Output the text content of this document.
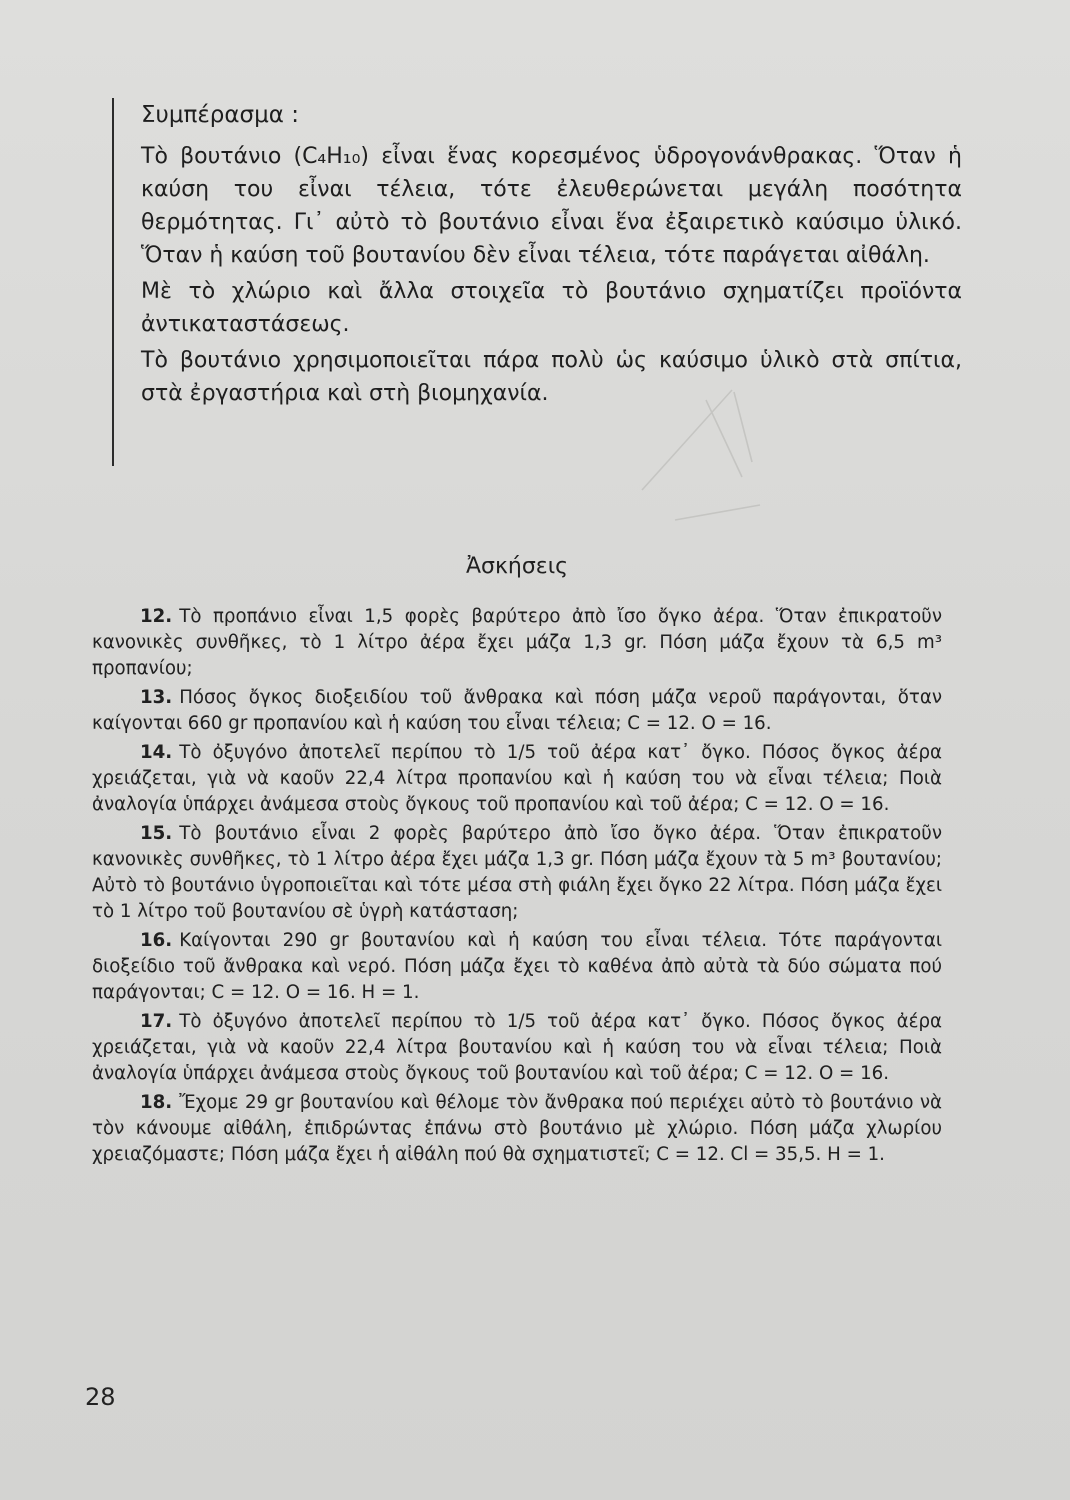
Συμπέρασμα :

Τὸ βουτάνιο (C₄H₁₀) εἶναι ἕνας κορεσμένος ὑδρογονάνθρακας. Ὅταν ἡ καύση του εἶναι τέλεια, τότε ἐλευθερώνεται μεγάλη ποσότητα θερμότητας. Γι᾽ αὐτὸ τὸ βουτάνιο εἶναι ἕνα ἐξαιρετικὸ καύσιμο ὑλικό. Ὅταν ἡ καύση τοῦ βουτανίου δὲν εἶναι τέλεια, τότε παράγεται αἰθάλη.

Μὲ τὸ χλώριο καὶ ἄλλα στοιχεῖα τὸ βουτάνιο σχηματίζει προϊόντα ἀντικαταστάσεως.

Τὸ βουτάνιο χρησιμοποιεῖται πάρα πολὺ ὡς καύσιμο ὑλικὸ στὰ σπίτια, στὰ ἐργαστήρια καὶ στὴ βιομηχανία.

Ἀσκήσεις

12. Τὸ προπάνιο εἶναι 1,5 φορὲς βαρύτερο ἀπὸ ἴσο ὄγκο ἀέρα. Ὅταν ἐπικρατοῦν κανονικὲς συνθῆκες, τὸ 1 λίτρο ἀέρα ἔχει μάζα 1,3 gr. Πόση μάζα ἔχουν τὰ 6,5 m³ προπανίου;

13. Πόσος ὄγκος διοξειδίου τοῦ ἄνθρακα καὶ πόση μάζα νεροῦ παράγονται, ὅταν καίγονται 660 gr προπανίου καὶ ἡ καύση του εἶναι τέλεια; C = 12. O = 16.

14. Τὸ ὀξυγόνο ἀποτελεῖ περίπου τὸ 1/5 τοῦ ἀέρα κατ᾽ ὄγκο. Πόσος ὄγκος ἀέρα χρειάζεται, γιὰ νὰ καοῦν 22,4 λίτρα προπανίου καὶ ἡ καύση του νὰ εἶναι τέλεια; Ποιὰ ἀναλογία ὑπάρχει ἀνάμεσα στοὺς ὄγκους τοῦ προπανίου καὶ τοῦ ἀέρα; C = 12. O = 16.

15. Τὸ βουτάνιο εἶναι 2 φορὲς βαρύτερο ἀπὸ ἴσο ὄγκο ἀέρα. Ὅταν ἐπικρατοῦν κανονικὲς συνθῆκες, τὸ 1 λίτρο ἀέρα ἔχει μάζα 1,3 gr. Πόση μάζα ἔχουν τὰ 5 m³ βουτανίου; Αὐτὸ τὸ βουτάνιο ὑγροποιεῖται καὶ τότε μέσα στὴ φιάλη ἔχει ὄγκο 22 λίτρα. Πόση μάζα ἔχει τὸ 1 λίτρο τοῦ βουτανίου σὲ ὑγρὴ κατάσταση;

16. Καίγονται 290 gr βουτανίου καὶ ἡ καύση του εἶναι τέλεια. Τότε παράγονται διοξείδιο τοῦ ἄνθρακα καὶ νερό. Πόση μάζα ἔχει τὸ καθένα ἀπὸ αὐτὰ τὰ δύο σώματα πού παράγονται; C = 12. O = 16. H = 1.

17. Τὸ ὀξυγόνο ἀποτελεῖ περίπου τὸ 1/5 τοῦ ἀέρα κατ᾽ ὄγκο. Πόσος ὄγκος ἀέρα χρειάζεται, γιὰ νὰ καοῦν 22,4 λίτρα βουτανίου καὶ ἡ καύση του νὰ εἶναι τέλεια; Ποιὰ ἀναλογία ὑπάρχει ἀνάμεσα στοὺς ὄγκους τοῦ βουτανίου καὶ τοῦ ἀέρα; C = 12. O = 16.

18. Ἔχομε 29 gr βουτανίου καὶ θέλομε τὸν ἄνθρακα πού περιέχει αὐτὸ τὸ βουτάνιο νὰ τὸν κάνουμε αἰθάλη, ἐπιδρώντας ἐπάνω στὸ βουτάνιο μὲ χλώριο. Πόση μάζα χλωρίου χρειαζόμαστε; Πόση μάζα ἔχει ἡ αἰθάλη πού θὰ σχηματιστεῖ; C = 12. Cl = 35,5. H = 1.

28
